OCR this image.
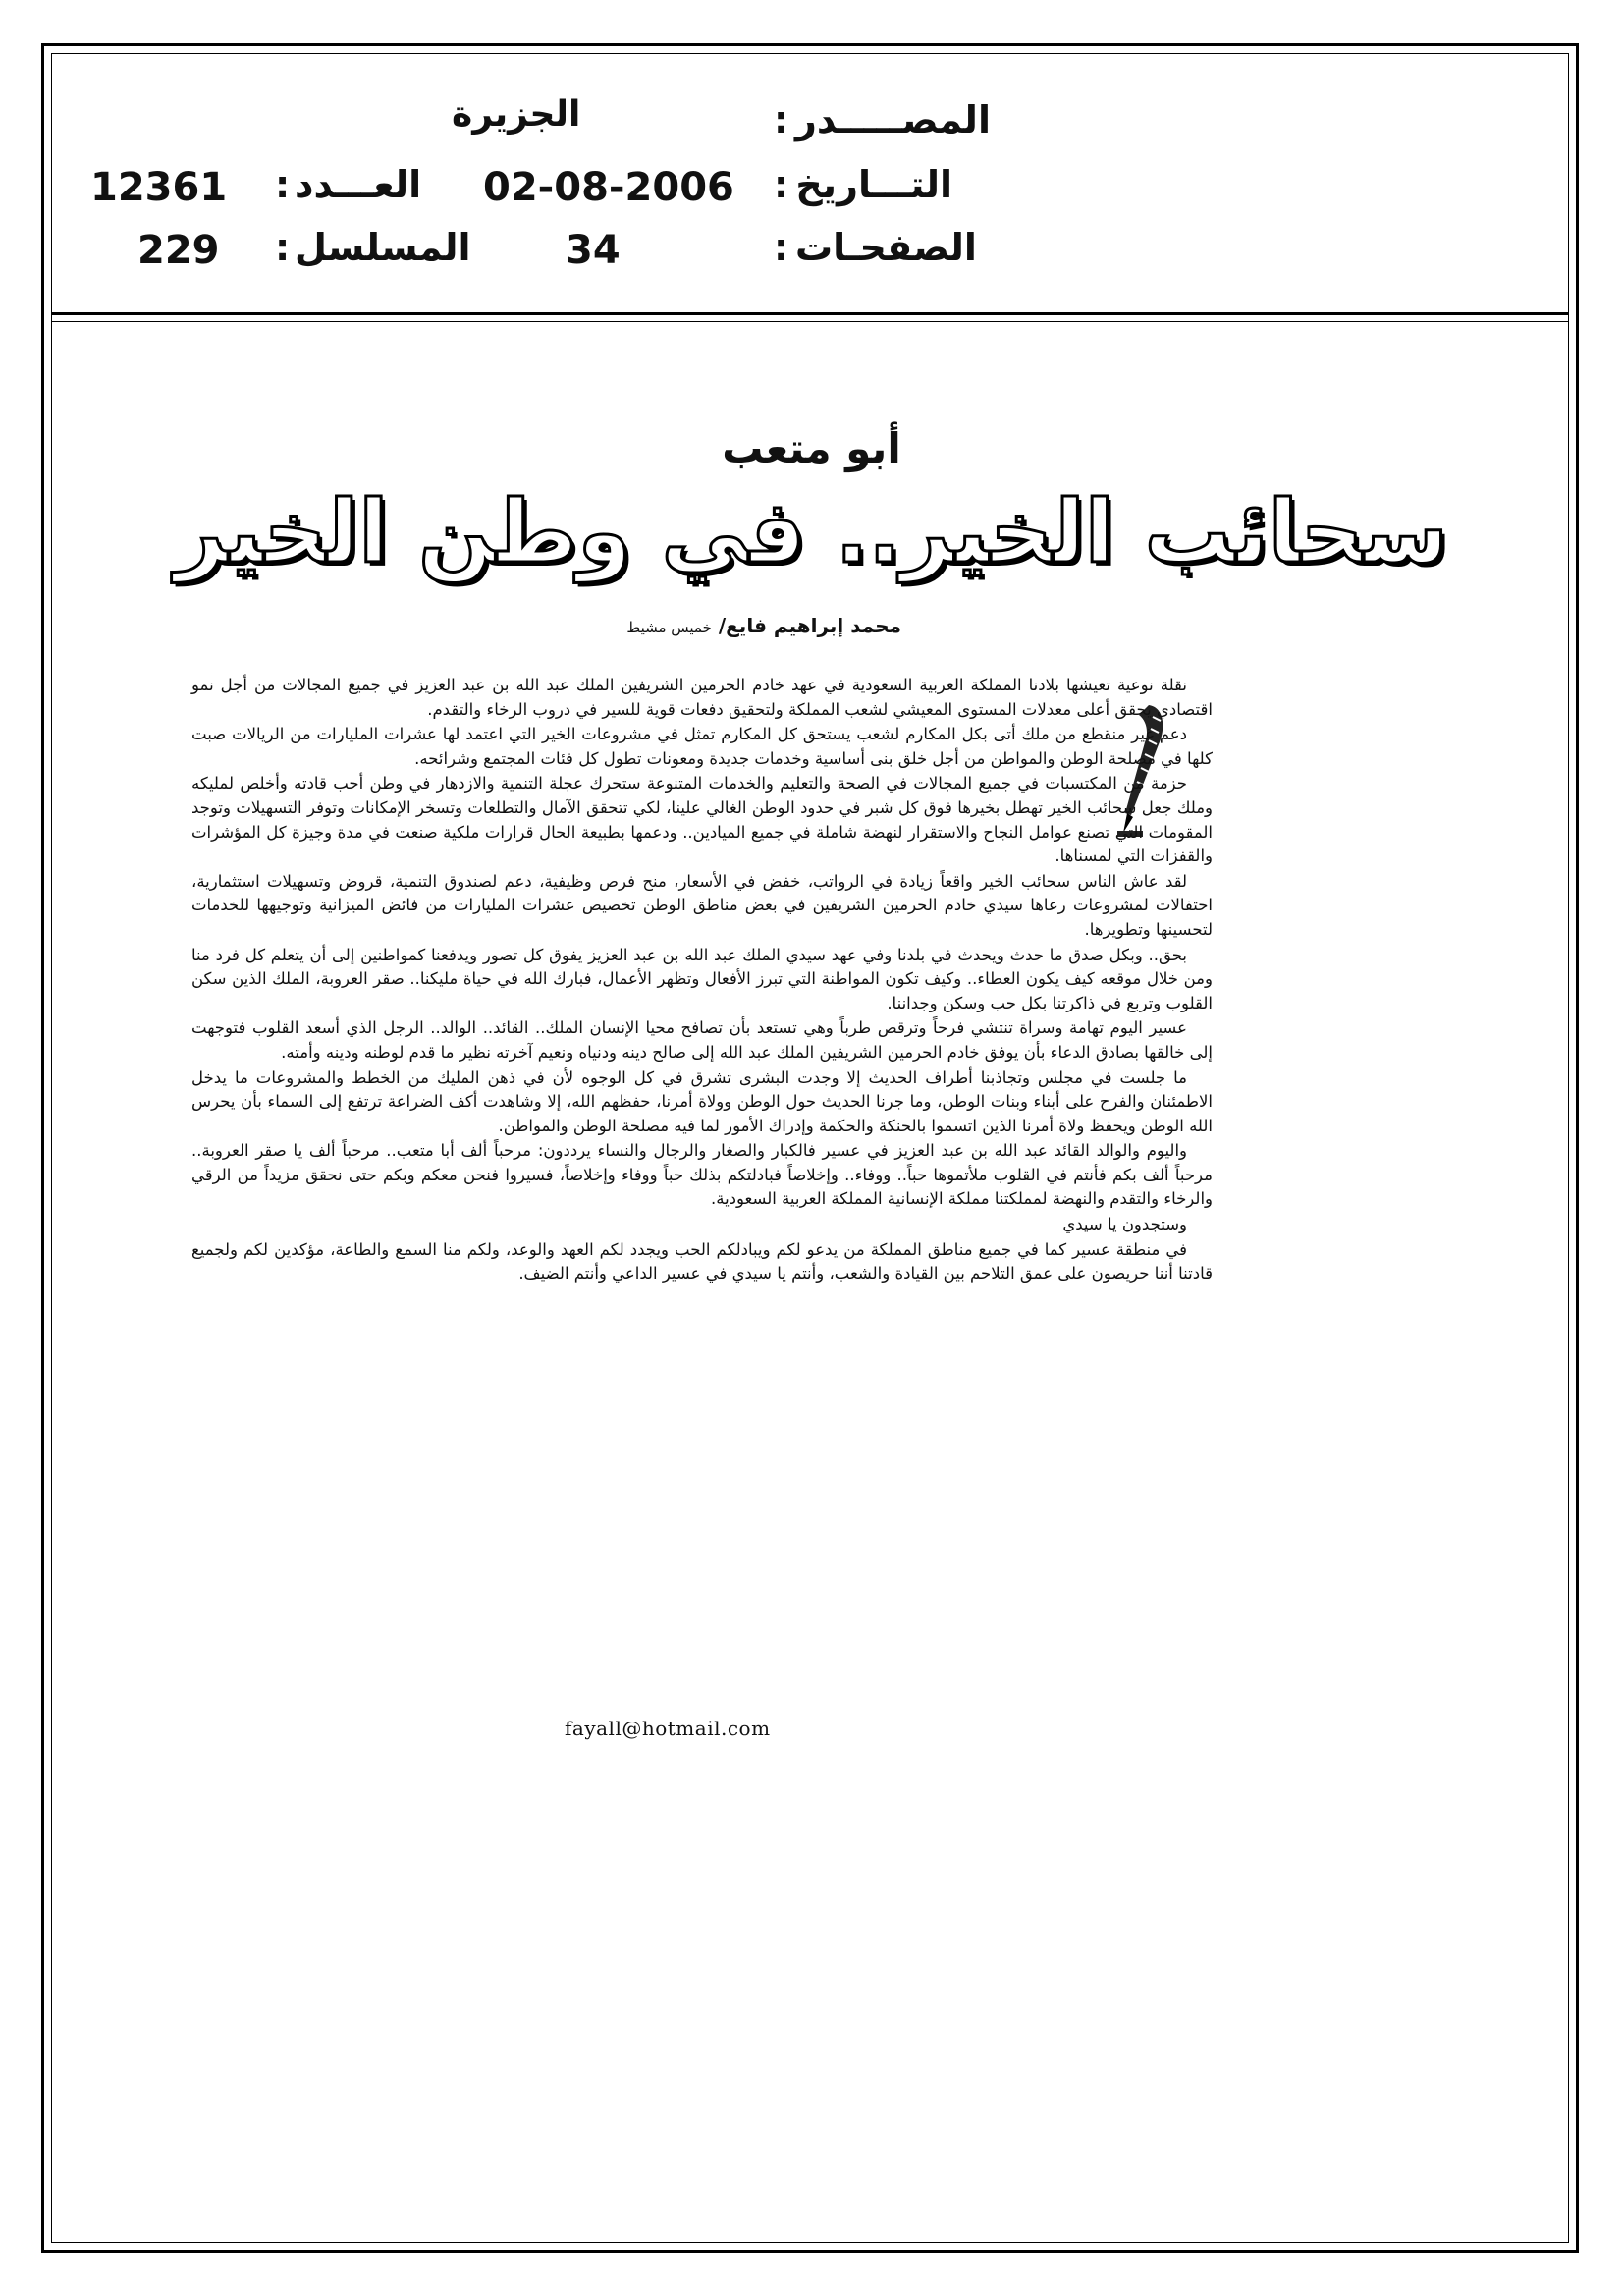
المصـــــدر
:
الجزيرة
التـــاريخ
:
02-08-2006
العـــدد
:
12361
الصفحـات
:
34
المسلسل
:
229
أبو متعب
سحائب الخير.. في وطن الخير
محمد إبراهيم فايع/ خميس مشيط

نقلة نوعية تعيشها بلادنا المملكة العربية السعودية في عهد خادم الحرمين الشريفين الملك عبد الله بن عبد العزيز في جميع المجالات من أجل نمو اقتصادي يحقق أعلى معدلات المستوى المعيشي لشعب المملكة ولتحقيق دفعات قوية للسير في دروب الرخاء والتقدم.

دعم غير منقطع من ملك أتى بكل المكارم لشعب يستحق كل المكارم تمثل في مشروعات الخير التي اعتمد لها عشرات المليارات من الريالات صبت كلها في مصلحة الوطن والمواطن من أجل خلق بنى أساسية وخدمات جديدة ومعونات تطول كل فئات المجتمع وشرائحه.

حزمة من المكتسبات في جميع المجالات في الصحة والتعليم والخدمات المتنوعة ستحرك عجلة التنمية والازدهار في وطن أحب قادته وأخلص لمليكه وملك جعل سحائب الخير تهطل بخيرها فوق كل شبر في حدود الوطن الغالي علينا، لكي تتحقق الآمال والتطلعات وتسخر الإمكانات وتوفر التسهيلات وتوجد المقومات التي تصنع عوامل النجاح والاستقرار لنهضة شاملة في جميع الميادين.. ودعمها بطبيعة الحال قرارات ملكية صنعت في مدة وجيزة كل المؤشرات والقفزات التي لمسناها.

لقد عاش الناس سحائب الخير واقعاً زيادة في الرواتب، خفض في الأسعار، منح فرص وظيفية، دعم لصندوق التنمية، قروض وتسهيلات استثمارية، احتفالات لمشروعات رعاها سيدي خادم الحرمين الشريفين في بعض مناطق الوطن تخصيص عشرات المليارات من فائض الميزانية وتوجيهها للخدمات لتحسينها وتطويرها.

بحق.. وبكل صدق ما حدث ويحدث في بلدنا وفي عهد سيدي الملك عبد الله بن عبد العزيز يفوق كل تصور ويدفعنا كمواطنين إلى أن يتعلم كل فرد منا ومن خلال موقعه كيف يكون العطاء.. وكيف تكون المواطنة التي تبرز الأفعال وتظهر الأعمال، فبارك الله في حياة مليكنا.. صقر العروبة، الملك الذين سكن القلوب وتربع في ذاكرتنا بكل حب وسكن وجداننا.

عسير اليوم تهامة وسراة تنتشي فرحاً وترقص طرباً وهي تستعد بأن تصافح محيا الإنسان الملك.. القائد.. الوالد.. الرجل الذي أسعد القلوب فتوجهت إلى خالقها بصادق الدعاء بأن يوفق خادم الحرمين الشريفين الملك عبد الله إلى صالح دينه ودنياه ونعيم آخرته نظير ما قدم لوطنه ودينه وأمته.

ما جلست في مجلس وتجاذبنا أطراف الحديث إلا وجدت البشرى تشرق في كل الوجوه لأن في ذهن المليك من الخطط والمشروعات ما يدخل الاطمئنان والفرح على أبناء وبنات الوطن، وما جرنا الحديث حول الوطن وولاة أمرنا، حفظهم الله، إلا وشاهدت أكف الضراعة ترتفع إلى السماء بأن يحرس الله الوطن ويحفظ ولاة أمرنا الذين اتسموا بالحنكة والحكمة وإدراك الأمور لما فيه مصلحة الوطن والمواطن.

واليوم والوالد القائد عبد الله بن عبد العزيز في عسير فالكبار والصغار والرجال والنساء يرددون: مرحباً ألف أبا متعب.. مرحباً ألف يا صقر العروبة.. مرحباً ألف بكم فأنتم في القلوب ملأتموها حباً.. ووفاء.. وإخلاصاً فبادلتكم بذلك حباً ووفاء وإخلاصاً، فسيروا فنحن معكم وبكم حتى نحقق مزيداً من الرقي والرخاء والتقدم والنهضة لمملكتنا مملكة الإنسانية المملكة العربية السعودية.

وستجدون يا سيدي

في منطقة عسير كما في جميع مناطق المملكة من يدعو لكم ويبادلكم الحب ويجدد لكم العهد والوعد، ولكم منا السمع والطاعة، مؤكدين لكم ولجميع قادتنا أننا حريصون على عمق التلاحم بين القيادة والشعب، وأنتم يا سيدي في عسير الداعي وأنتم الضيف.

fayall@hotmail.com
